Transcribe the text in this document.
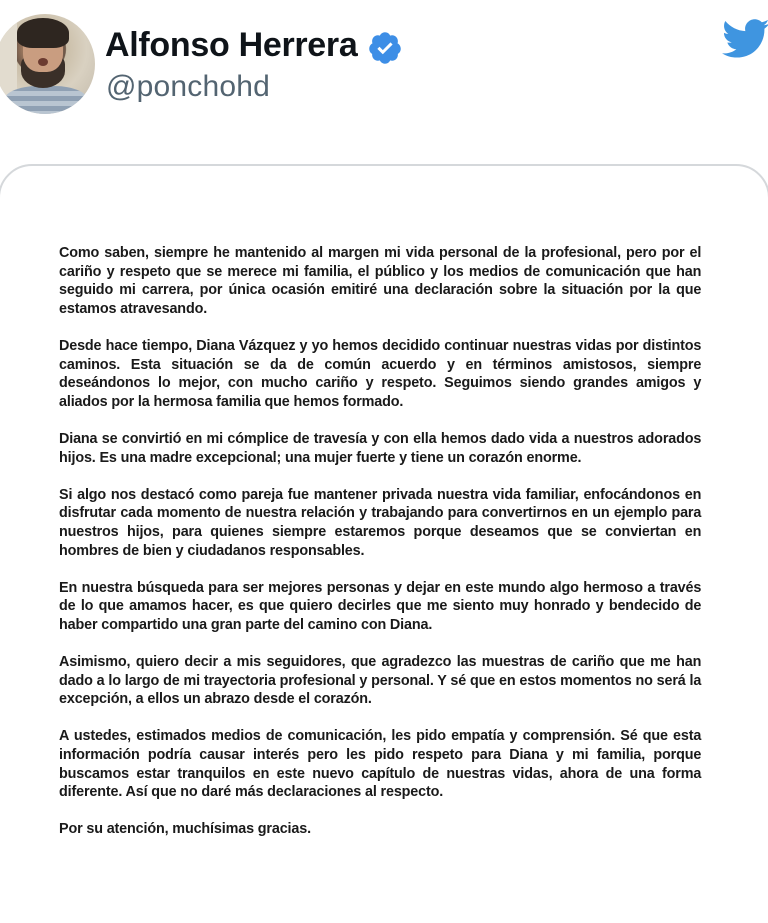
Alfonso Herrera
@ponchohd

Como saben, siempre he mantenido al margen mi vida personal de la profesional, pero por el cariño y respeto que se merece mi familia, el público y los medios de comunicación que han seguido mi carrera, por única ocasión emitiré una declaración sobre la situación por la que estamos atravesando.

Desde hace tiempo, Diana Vázquez y yo hemos decidido continuar nuestras vidas por distintos caminos. Esta situación se da de común acuerdo y en términos amistosos, siempre deseándonos lo mejor, con mucho cariño y respeto. Seguimos siendo grandes amigos y aliados por la hermosa familia que hemos formado.

Diana se convirtió en mi cómplice de travesía y con ella hemos dado vida a nuestros adorados hijos. Es una madre excepcional; una mujer fuerte y tiene un corazón enorme.

Si algo nos destacó como pareja fue mantener privada nuestra vida familiar, enfocándonos en disfrutar cada momento de nuestra relación y trabajando para convertirnos en un ejemplo para nuestros hijos, para quienes siempre estaremos porque deseamos que se conviertan en hombres de bien y ciudadanos responsables.

En nuestra búsqueda para ser mejores personas y dejar en este mundo algo hermoso a través de lo que amamos hacer, es que quiero decirles que me siento muy honrado y bendecido de haber compartido una gran parte del camino con Diana.

Asimismo, quiero decir a mis seguidores, que agradezco las muestras de cariño que me han dado a lo largo de mi trayectoria profesional y personal. Y sé que en estos momentos no será la excepción, a ellos un abrazo desde el corazón.

A ustedes, estimados medios de comunicación, les pido empatía y comprensión. Sé que esta información podría causar interés pero les pido respeto para Diana y mi familia, porque buscamos estar tranquilos en este nuevo capítulo de nuestras vidas, ahora de una forma diferente. Así que no daré más declaraciones al respecto.

Por su atención, muchísimas gracias.
